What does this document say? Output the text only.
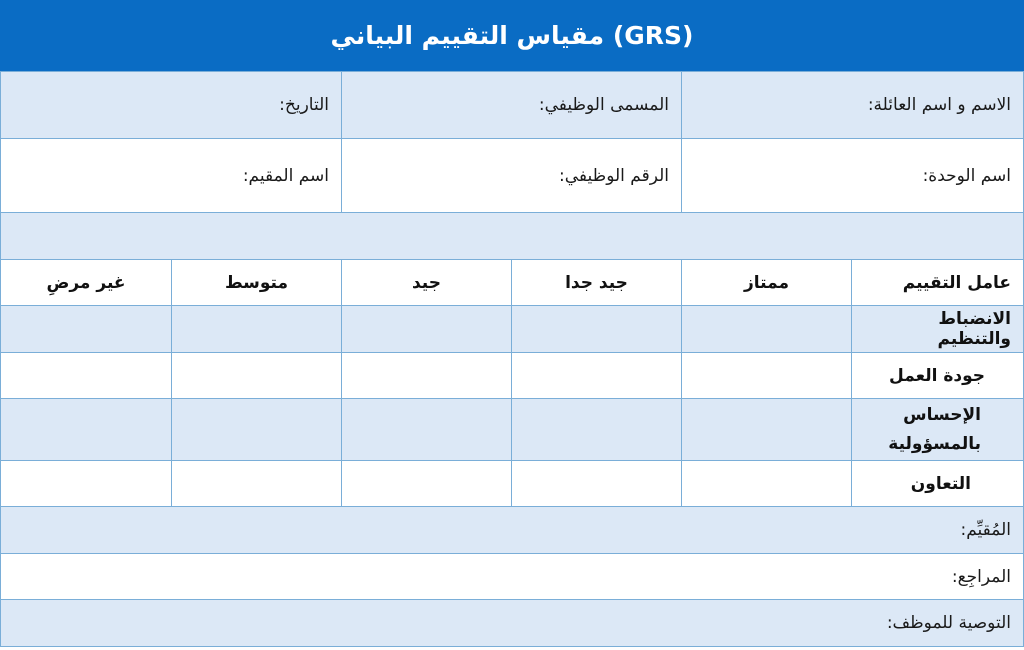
مقياس التقييم البياني (GRS)
الاسم و اسم العائلة:
المسمى الوظيفي:
التاريخ:
اسم الوحدة:
الرقم الوظيفي:
اسم المقيم:
عامل التقييم
ممتاز
جيد جدا
جيد
متوسط
غير مرضِ
الانضباط والتنظيم
جودة العمل
الإحساس بالمسؤولية
التعاون
المُقيِّم:
المراجِع:
التوصية للموظف:
